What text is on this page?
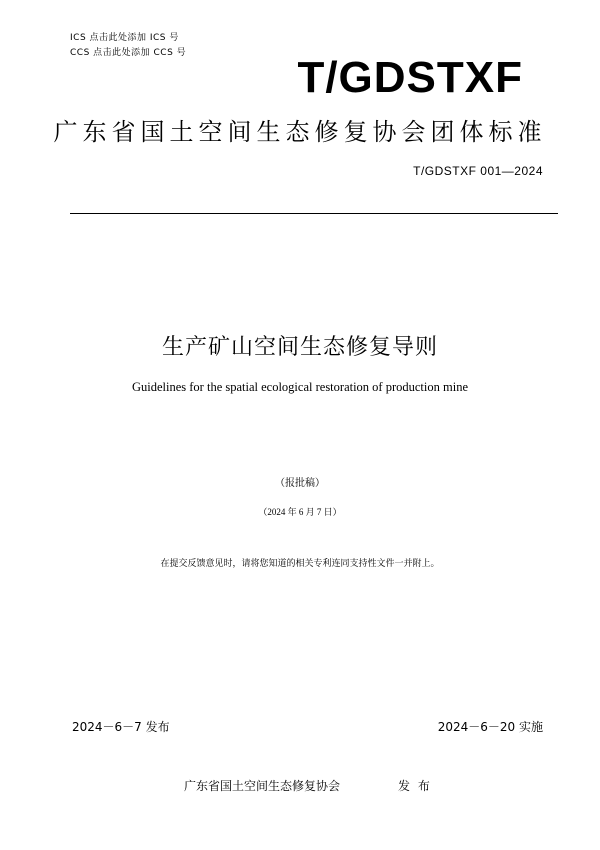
ICS 点击此处添加 ICS 号
CCS 点击此处添加 CCS 号	T/GDSTXF
广东省国土空间生态修复协会团体标准
T/GDSTXF 001—2024
生产矿山空间生态修复导则
Guidelines for the spatial ecological restoration of production mine
（报批稿）
（2024 年 6 月 7 日）
在提交反馈意见时，请将您知道的相关专利连同支持性文件一并附上。
2024－6－7 发布	2024－6－20 实施
广东省国土空间生态修复协会	发 布
